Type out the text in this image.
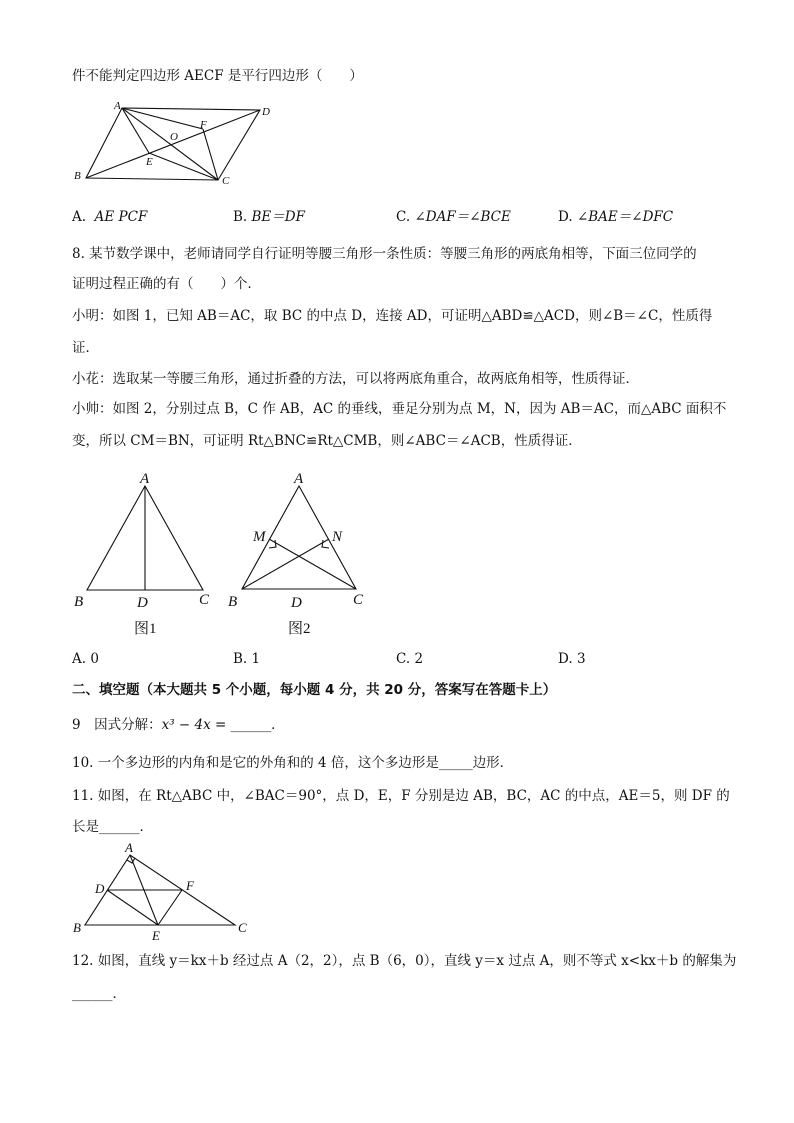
件不能判定四边形 AECF 是平行四边形（　　）
A	D
B	C
O
F
E
A. AE PCF	B. BE＝DF	C. ∠DAF＝∠BCE	D. ∠BAE＝∠DFC
8. 某节数学课中，老师请同学自行证明等腰三角形一条性质：等腰三角形的两底角相等，下面三位同学的
证明过程正确的有（　　）个．
小明：如图 1，已知 AB＝AC，取 BC 的中点 D，连接 AD，可证明△ABD≌△ACD，则∠B＝∠C，性质得
证．
小花：选取某一等腰三角形，通过折叠的方法，可以将两底角重合，故两底角相等，性质得证．
小帅：如图 2，分别过点 B，C 作 AB，AC 的垂线，垂足分别为点 M，N，因为 AB＝AC，而△ABC 面积不
变，所以 CM＝BN，可证明 Rt△BNC≌Rt△CMB，则∠ABC＝∠ACB，性质得证．
A
B	D	C
图1
A
M	N
B	D	C
图2
A. 0	B. 1	C. 2	D. 3
二、填空题（本大题共 5 个小题，每小题 4 分，共 20 分，答案写在答题卡上）
9　因式分解：x³ − 4x = ______．
10. 一个多边形的内角和是它的外角和的 4 倍，这个多边形是_____边形．
11. 如图，在 Rt△ABC 中，∠BAC＝90°，点 D，E，F 分别是边 AB，BC，AC 的中点，AE＝5，则 DF 的
长是______．
A
D	F
B
E
C
12. 如图，直线 y＝kx＋b 经过点 A（2，2），点 B（6，0），直线 y＝x 过点 A，则不等式 x<kx＋b 的解集为
______．
